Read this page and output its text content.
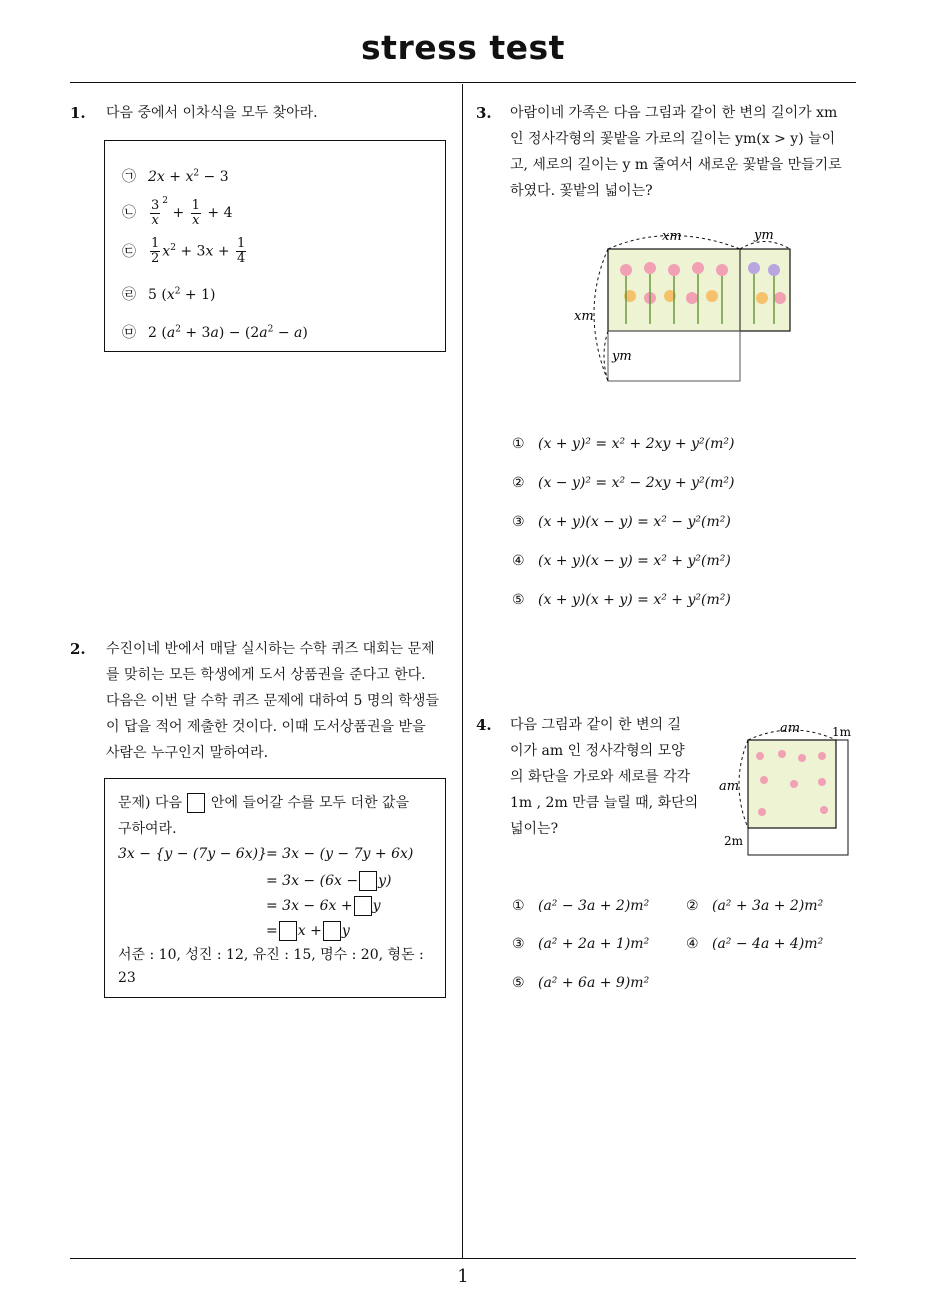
stress test
1
1. 다음 중에서 이차식을 모두 찾아라.
㉠ $2x + x^2 - 3$
㉡ $\frac{3}{x} ^2 + \frac{1}{x} + 4$
㉢ $\frac{1}{2} x^2 + 3x + \frac{1}{4}$
㉣ 5 $(x^2 + 1)$
㉤ 2 $(a^2 + 3a) - (2a^2 - a)$
2. 수진이네 반에서 매달 실시하는 수학 퀴즈 대회는 문제
를 맞히는 모든 학생에게 도서 상품권을 준다고 한다.
다음은 이번 달 수학 퀴즈 문제에 대하여 5 명의 학생들
이 답을 적어 제출한 것이다. 이때 도서상품권을 받을
사람은 누구인지 말하여라.
문제) 다음 안에 들어갈 수를 모두 더한 값을
구하여라.
3x − {y − (7y − 6x)} = 3x − (y − 7y + 6x)
= 3x − (6x − y)
= 3x − 6x + y
= x + y
서준 : 10, 성진 : 12, 유진 : 15, 명수 : 20, 형돈 :
23
3. 아람이네 가족은 다음 그림과 같이 한 변의 길이가 xm
인 정사각형의 꽃밭을 가로의 길이는 ym(x > y) 늘이
고, 세로의 길이는 y m 줄여서 새로운 꽃밭을 만들기로
하였다. 꽃밭의 넓이는?
xm	ym
xm
ym
① (x + y)² = x² + 2xy + y²(m²)
② (x − y)² = x² − 2xy + y²(m²)
③ (x + y)(x − y) = x² − y²(m²)
④ (x + y)(x − y) = x² + y²(m²)
⑤ (x + y)(x + y) = x² + y²(m²)
4. 다음 그림과 같이 한 변의 길
이가 am 인 정사각형의 모양
의 화단을 가로와 세로를 각각
1m , 2m 만큼 늘릴 때, 화단의
넓이는?
am	1m
am
2m
① (a² − 3a + 2)m²	② (a² + 3a + 2)m²
③ (a² + 2a + 1)m²	④ (a² − 4a + 4)m²
⑤ (a² + 6a + 9)m²
